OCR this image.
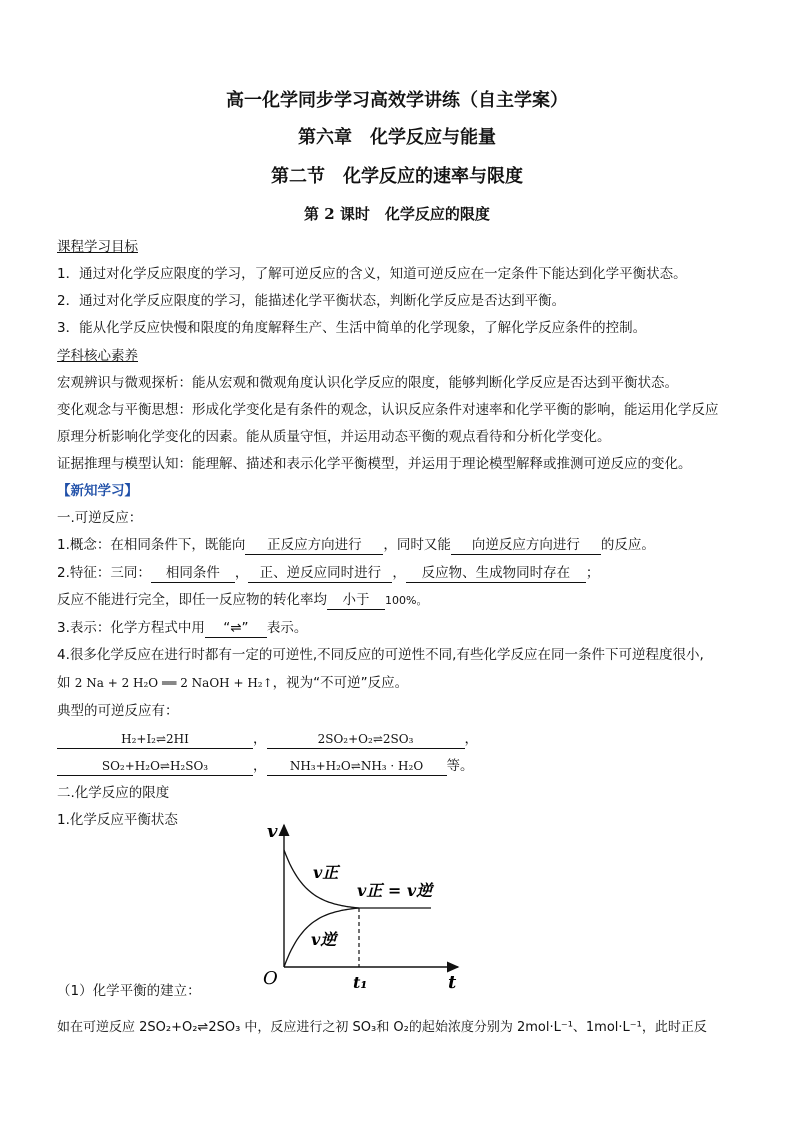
高一化学同步学习高效学讲练（自主学案）
第六章　化学反应与能量
第二节　化学反应的速率与限度
第 2 课时　化学反应的限度
课程学习目标
1．通过对化学反应限度的学习，了解可逆反应的含义，知道可逆反应在一定条件下能达到化学平衡状态。
2．通过对化学反应限度的学习，能描述化学平衡状态，判断化学反应是否达到平衡。
3．能从化学反应快慢和限度的角度解释生产、生活中简单的化学现象，了解化学反应条件的控制。
学科核心素养
宏观辨识与微观探析：能从宏观和微观角度认识化学反应的限度，能够判断化学反应是否达到平衡状态。
变化观念与平衡思想：形成化学变化是有条件的观念，认识反应条件对速率和化学平衡的影响，能运用化学反应
原理分析影响化学变化的因素。能从质量守恒，并运用动态平衡的观点看待和分析化学变化。
证据推理与模型认知：能理解、描述和表示化学平衡模型，并运用于理论模型解释或推测可逆反应的变化。
【新知学习】
一.可逆反应：
1.概念：在相同条件下，既能向 正反应方向进行 ，同时又能 向逆反应方向进行 的反应。
2.特征：三同： 相同条件 ， 正、逆反应同时进行 ， 反应物、生成物同时存在 ；
反应不能进行完全，即任一反应物的转化率均 小于 100%。
3.表示：化学方程式中用 “⇌” 表示。
4.很多化学反应在进行时都有一定的可逆性,不同反应的可逆性不同,有些化学反应在同一条件下可逆程度很小,
如 2 Na + 2 H₂O ══ 2 NaOH + H₂↑，视为“不可逆”反应。
典型的可逆反应有：
H₂+I₂⇌2HI	，	2SO₂+O₂⇌2SO₃	，
SO₂+H₂O⇌H₂SO₃	， NH₃+H₂O⇌NH₃ · H₂O 等。
二.化学反应的限度
1.化学反应平衡状态
v
t
O	t₁
v正
v逆
v正 = v逆
（1）化学平衡的建立：
如在可逆反应 2SO₂+O₂⇌2SO₃ 中，反应进行之初 SO₃和 O₂的起始浓度分别为 2mol·L⁻¹、1mol·L⁻¹，此时正反
